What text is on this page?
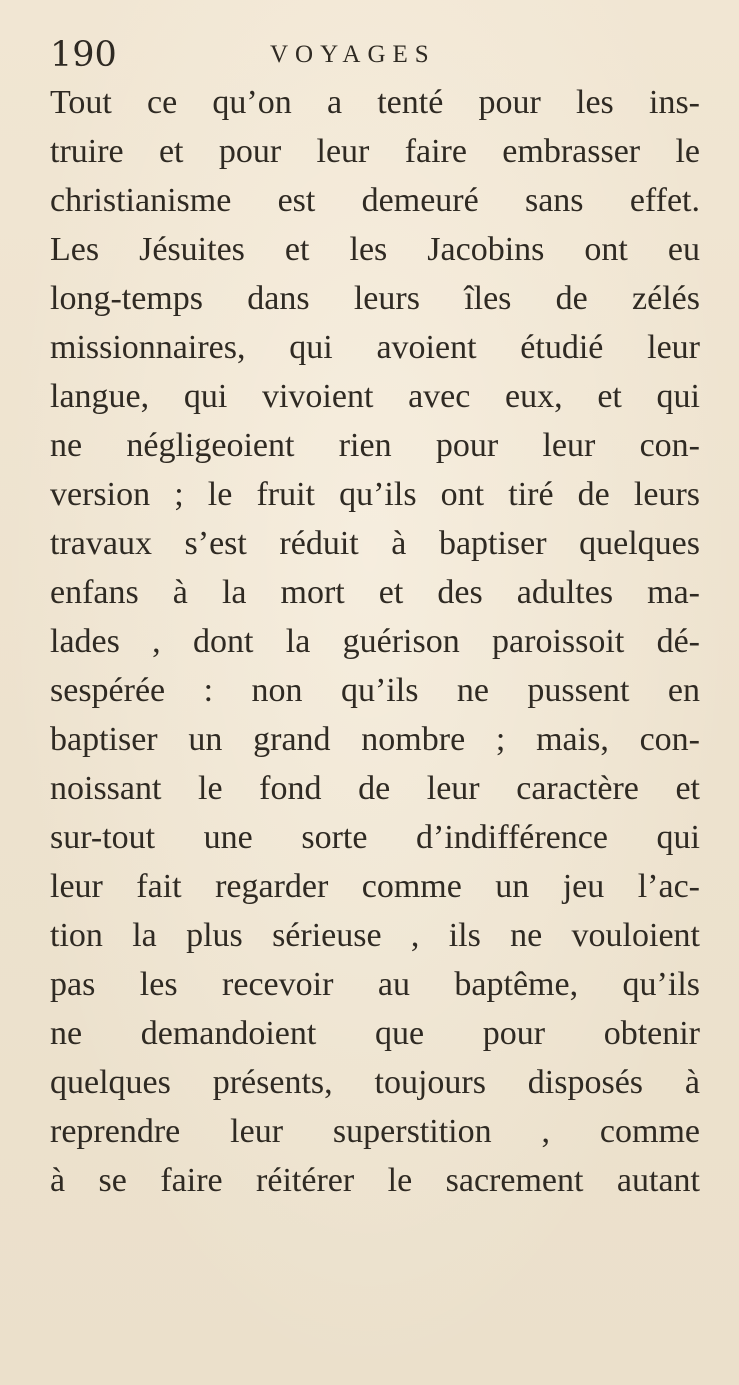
190	VOYAGES
Tout ce qu’on a tenté pour les ins-
truire et pour leur faire embrasser le
christianisme est demeuré sans effet.
Les Jésuites et les Jacobins ont eu
long-temps dans leurs îles de zélés
missionnaires, qui avoient étudié leur
langue, qui vivoient avec eux, et qui
ne négligeoient rien pour leur con-
version ; le fruit qu’ils ont tiré de leurs
travaux s’est réduit à baptiser quelques
enfans à la mort et des adultes ma-
lades , dont la guérison paroissoit dé-
sespérée : non qu’ils ne pussent en
baptiser un grand nombre ; mais, con-
noissant le fond de leur caractère et
sur-tout une sorte d’indifférence qui
leur fait regarder comme un jeu l’ac-
tion la plus sérieuse , ils ne vouloient
pas les recevoir au baptême, qu’ils
ne demandoient que pour obtenir
quelques présents, toujours disposés à
reprendre leur superstition , comme
à se faire réitérer le sacrement autant
